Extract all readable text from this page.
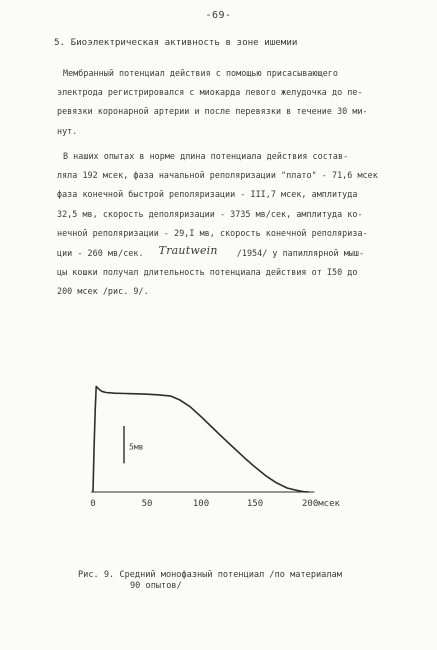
-69-
5. Биоэлектрическая активность в зоне ишемии

Мембранный потенциал действия с помощью присасывающего
электрода регистрировался с миокарда левого желудочка до пе-
ревязки коронарной артерии и после перевязки в течение 30 ми-
нут.

В наших опытах в норме длина потенциала действия состав-
ляла 192 мсек, фаза начальной реполяризации "плато" - 71,6 мсек
фаза конечной быстрой реполяризации - III,7 мсек, амплитуда
32,5 мв, скорость деполяризации - 3735 мв/сек, амплитуда ко-
нечной реполяризации - 29,I мв, скорость конечной реполяриза-
ции - 260 мв/сек. Trautwein /1954/ у папиллярной мыш-
цы кошки получал длительность потенциала действия от I50 до
200 мсек /рис. 9/.

0	50	100	150	200мсек
5мв

Рис. 9. Средний монофазный потенциал /по материалам
90 опытов/
